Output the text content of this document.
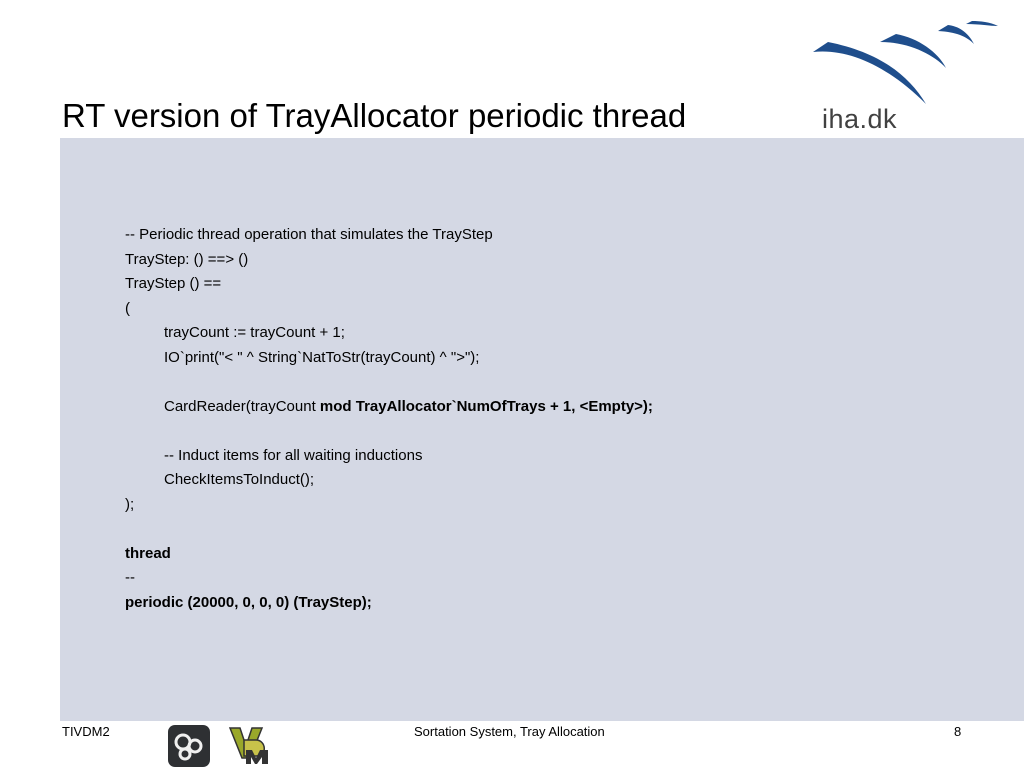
iha.dk
RT version of TrayAllocator periodic thread
-- Periodic thread operation that simulates the TrayStep
TrayStep: () ==> ()
TrayStep () ==
(
trayCount := trayCount + 1;
IO`print("< " ^ String`NatToStr(trayCount) ^ ">");
CardReader(trayCount mod TrayAllocator`NumOfTrays + 1, <Empty>);
-- Induct items for all waiting inductions
CheckItemsToInduct();
);
thread
--
periodic (20000, 0, 0, 0) (TrayStep);
TIVDM2	Sortation System, Tray Allocation	8
